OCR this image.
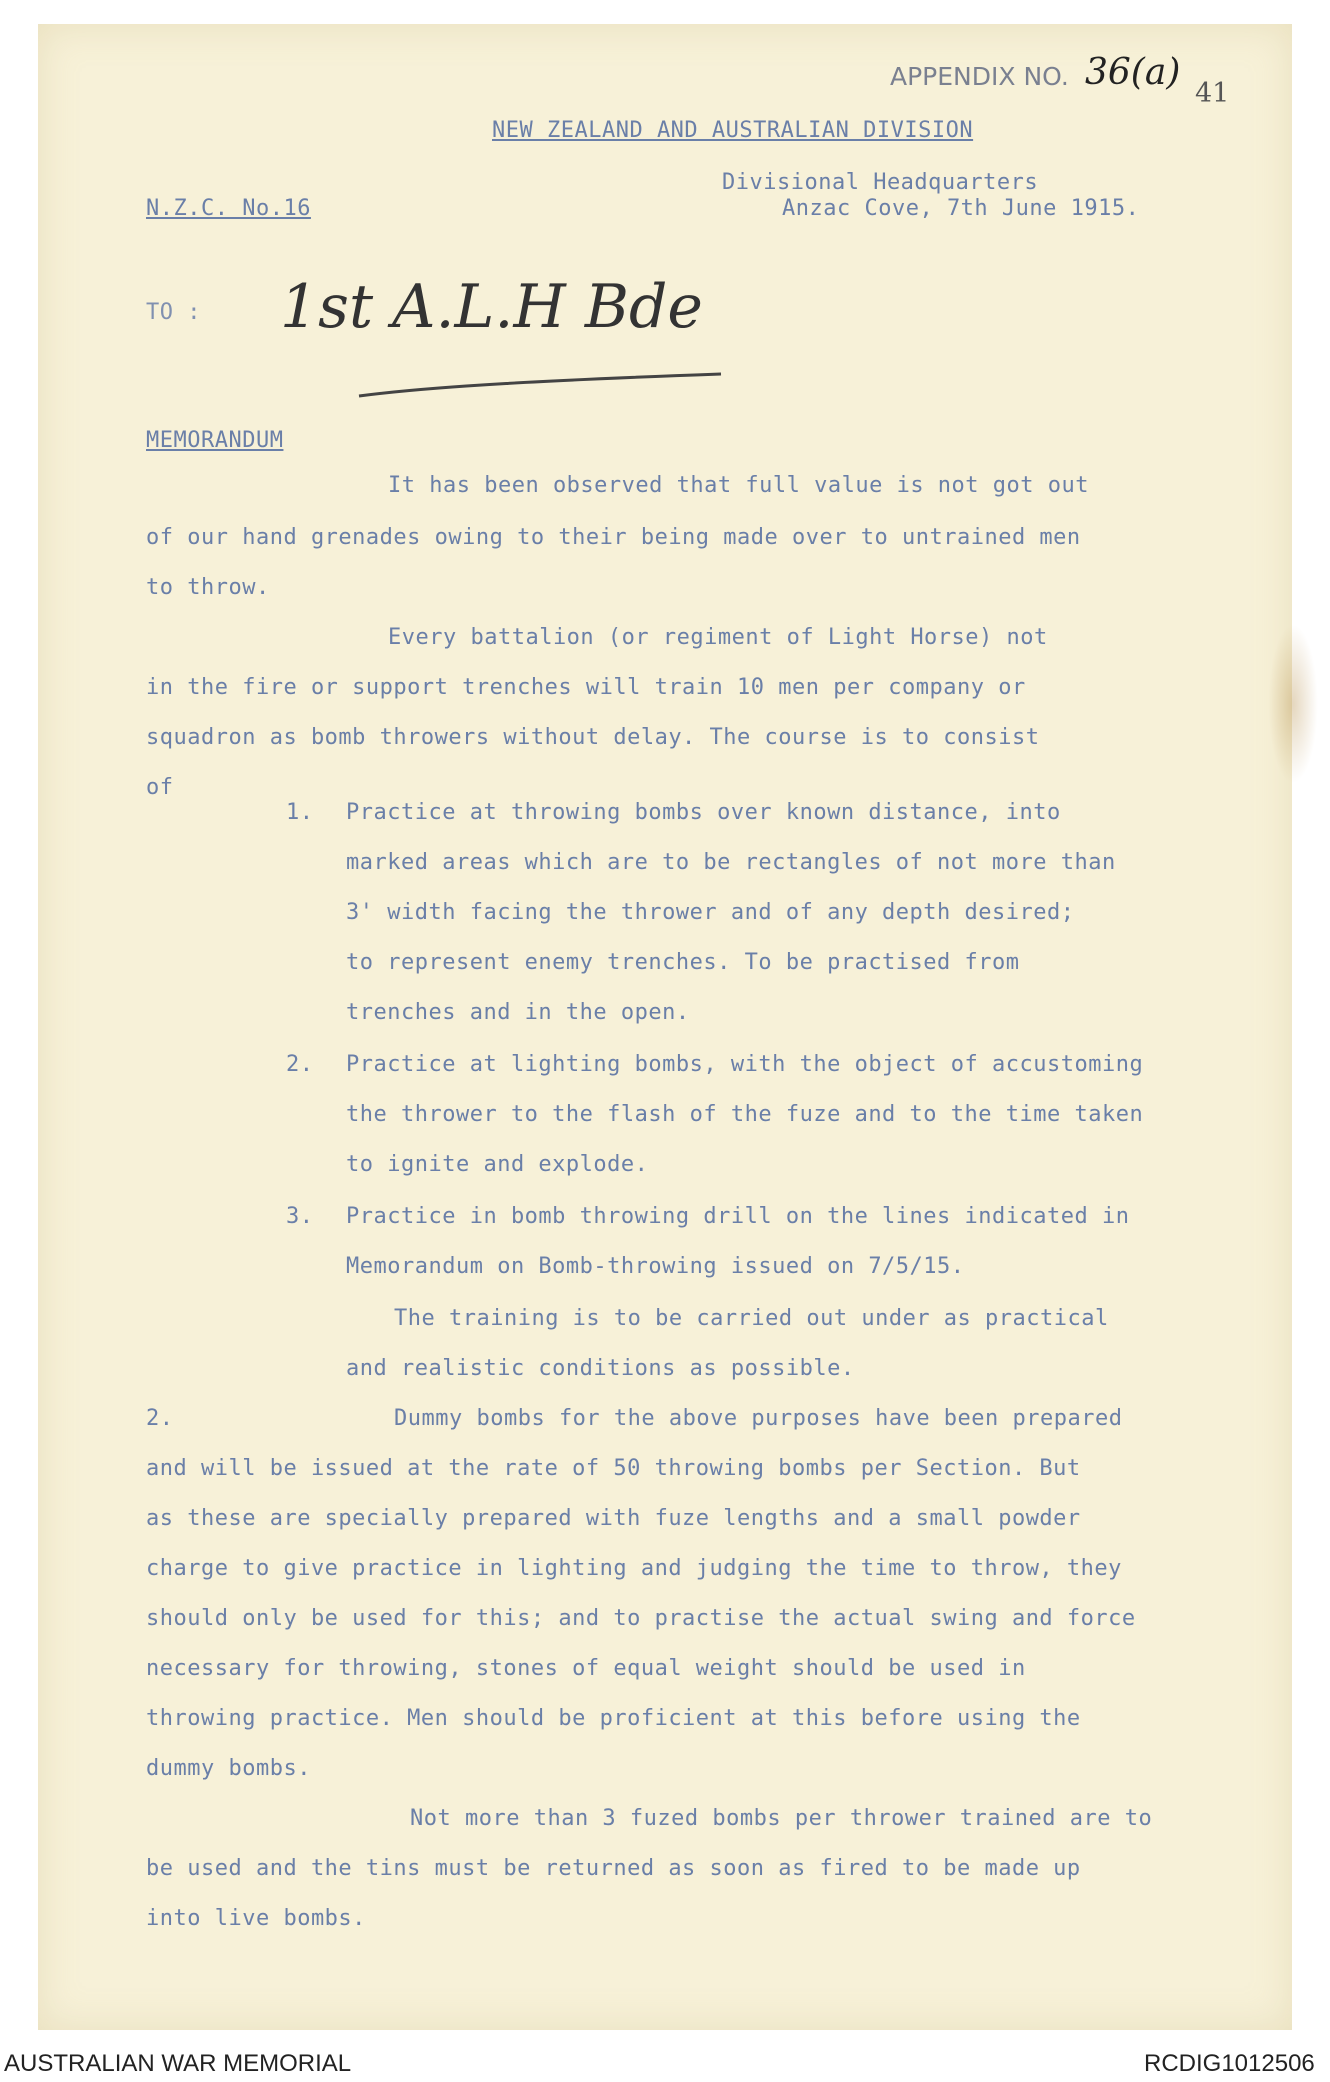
APPENDIX NO. 36(a)
41
NEW ZEALAND AND AUSTRALIAN DIVISION
Divisional Headquarters
Anzac Cove, 7th June 1915.
N.Z.C. No.16
TO : 1st A.L.H Bde
MEMORANDUM
It has been observed that full value is not got out
of our hand grenades owing to their being made over to untrained men
to throw.
Every battalion (or regiment of Light Horse) not
in the fire or support trenches will train 10 men per company or
squadron as bomb throwers without delay. The course is to consist
of
1. Practice at throwing bombs over known distance, into
marked areas which are to be rectangles of not more than
3' width facing the thrower and of any depth desired;
to represent enemy trenches. To be practised from
trenches and in the open.
2. Practice at lighting bombs, with the object of accustoming
the thrower to the flash of the fuze and to the time taken
to ignite and explode.
3. Practice in bomb throwing drill on the lines indicated in
Memorandum on Bomb-throwing issued on 7/5/15.
The training is to be carried out under as practical
and realistic conditions as possible.
2.	Dummy bombs for the above purposes have been prepared
and will be issued at the rate of 50 throwing bombs per Section. But
as these are specially prepared with fuze lengths and a small powder
charge to give practice in lighting and judging the time to throw, they
should only be used for this; and to practise the actual swing and force
necessary for throwing, stones of equal weight should be used in
throwing practice. Men should be proficient at this before using the
dummy bombs.
Not more than 3 fuzed bombs per thrower trained are to
be used and the tins must be returned as soon as fired to be made up
into live bombs.
AUSTRALIAN WAR MEMORIAL	RCDIG1012506
